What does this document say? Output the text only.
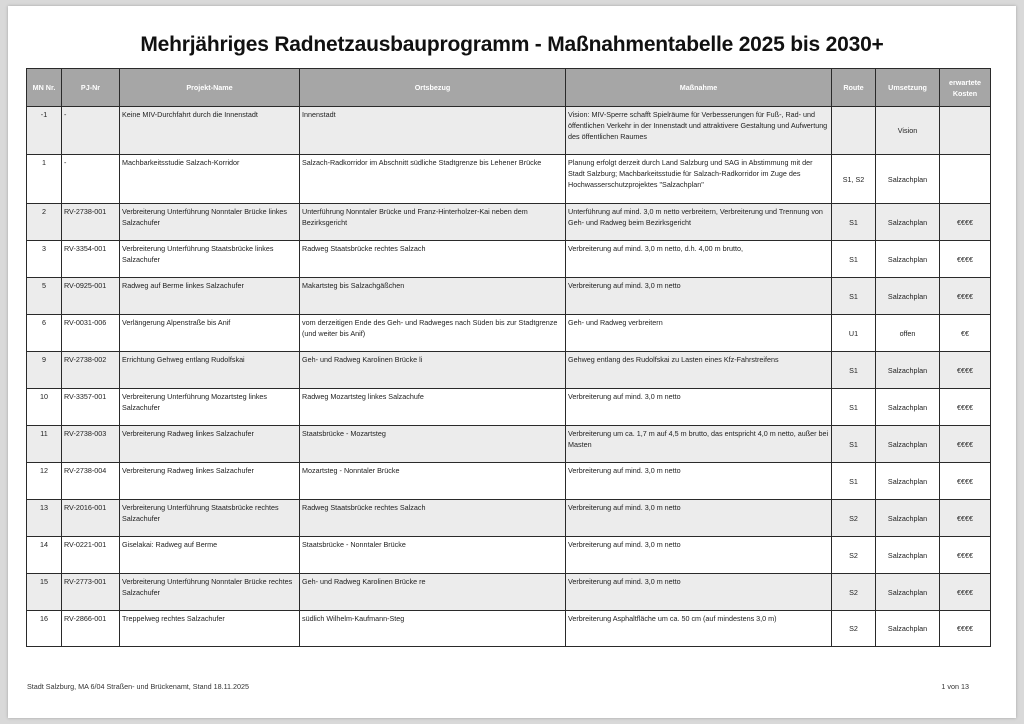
Mehrjähriges Radnetzausbauprogramm - Maßnahmentabelle 2025 bis 2030+
MN Nr.	PJ-Nr	Projekt-Name	Ortsbezug	Maßnahme	Route	Umsetzung	erwartete Kosten
-1	-	Keine MIV-Durchfahrt durch die Innenstadt	Innenstadt	Vision: MIV-Sperre schafft Spielräume für Verbesserungen für Fuß-, Rad- und öffentlichen Verkehr in der Innenstadt und attraktivere Gestaltung und Aufwertung des öffentlichen Raumes		Vision	
1	-	Machbarkeitsstudie Salzach-Korridor	Salzach-Radkorridor im Abschnitt südliche Stadtgrenze bis Lehener Brücke	Planung erfolgt derzeit durch Land Salzburg und SAG in Abstimmung mit der Stadt Salzburg; Machbarkeitsstudie für Salzach-Radkorridor im Zuge des Hochwasserschutzprojektes "Salzachplan"	S1, S2	Salzachplan	
2	RV-2738-001	Verbreiterung Unterführung Nonntaler Brücke linkes Salzachufer	Unterführung Nonntaler Brücke und Franz-Hinterholzer-Kai neben dem Bezirksgericht	Unterführung auf mind. 3,0 m netto verbreitern, Verbreiterung und Trennung von Geh- und Radweg beim Bezirksgericht	S1	Salzachplan	€€€€
3	RV-3354-001	Verbreiterung Unterführung Staatsbrücke linkes Salzachufer	Radweg Staatsbrücke rechtes Salzach	Verbreiterung auf mind. 3,0 m netto, d.h. 4,00 m brutto,	S1	Salzachplan	€€€€
5	RV-0925-001	Radweg auf Berme linkes Salzachufer	Makartsteg bis Salzachgäßchen	Verbreiterung auf mind. 3,0 m netto	S1	Salzachplan	€€€€
6	RV-0031-006	Verlängerung Alpenstraße bis Anif	vom derzeitigen Ende des Geh- und Radweges nach Süden bis zur Stadtgrenze (und weiter bis Anif)	Geh- und Radweg verbreitern	U1	offen	€€
9	RV-2738-002	Errichtung Gehweg entlang Rudolfskai	Geh- und Radweg Karolinen Brücke li	Gehweg entlang des Rudolfskai zu Lasten eines Kfz-Fahrstreifens	S1	Salzachplan	€€€€
10	RV-3357-001	Verbreiterung Unterführung Mozartsteg linkes Salzachufer	Radweg Mozartsteg linkes Salzachufe	Verbreiterung auf mind. 3,0 m netto	S1	Salzachplan	€€€€
11	RV-2738-003	Verbreiterung Radweg linkes Salzachufer	Staatsbrücke - Mozartsteg	Verbreiterung um ca. 1,7 m auf 4,5 m brutto, das entspricht 4,0 m netto, außer bei Masten	S1	Salzachplan	€€€€
12	RV-2738-004	Verbreiterung Radweg linkes Salzachufer	Mozartsteg - Nonntaler Brücke	Verbreiterung auf mind. 3,0 m netto	S1	Salzachplan	€€€€
13	RV-2016-001	Verbreiterung Unterführung Staatsbrücke rechtes Salzachufer	Radweg Staatsbrücke rechtes Salzach	Verbreiterung auf mind. 3,0 m netto	S2	Salzachplan	€€€€
14	RV-0221-001	Giselakai: Radweg auf Berme	Staatsbrücke - Nonntaler Brücke	Verbreiterung auf mind. 3,0 m netto	S2	Salzachplan	€€€€
15	RV-2773-001	Verbreiterung Unterführung Nonntaler Brücke rechtes Salzachufer	Geh- und Radweg Karolinen Brücke re	Verbreiterung auf mind. 3,0 m netto	S2	Salzachplan	€€€€
16	RV-2866-001	Treppelweg rechtes Salzachufer	südlich Wilhelm-Kaufmann-Steg	Verbreiterung Asphaltfläche um ca. 50 cm (auf mindestens 3,0 m)	S2	Salzachplan	€€€€
Stadt Salzburg, MA 6/04 Straßen- und Brückenamt, Stand 18.11.2025	1 von 13
